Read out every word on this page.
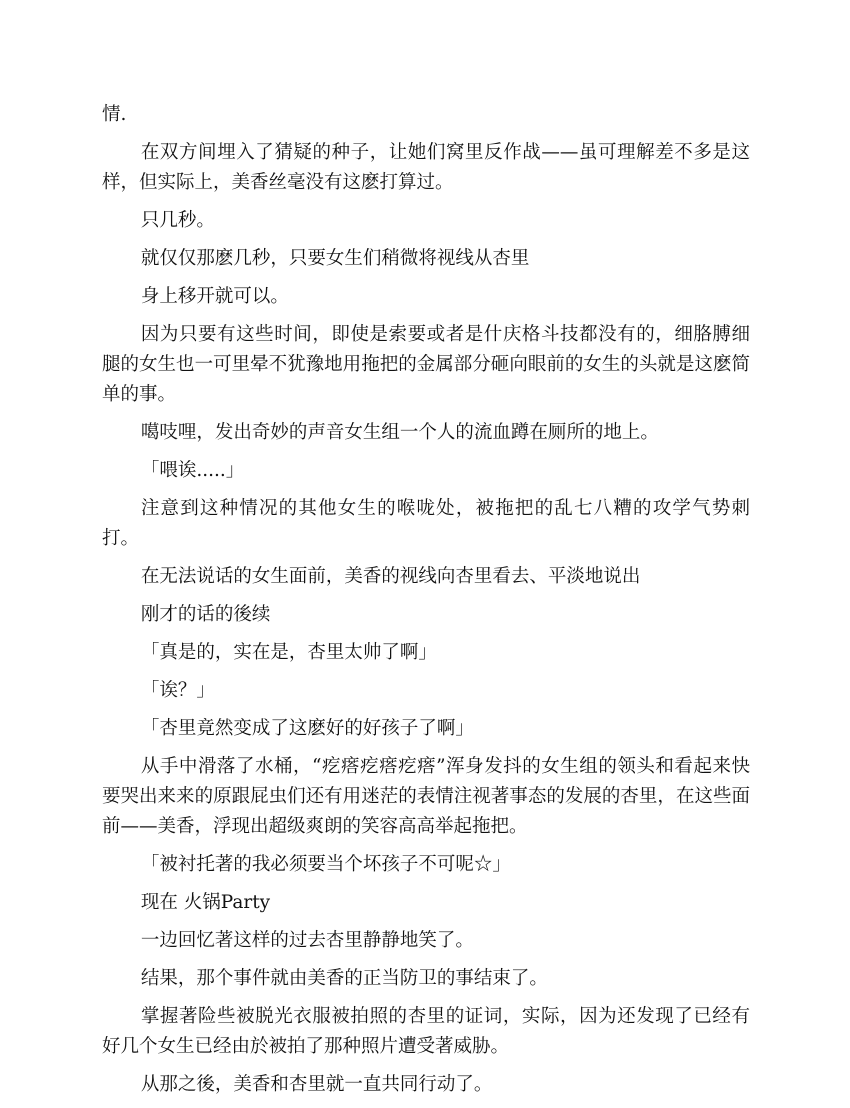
情.

在双方间埋入了猜疑的种子，让她们窝里反作战——虽可理解差不多是这样，但实际上，美香丝毫没有这麽打算过。

只几秒。

就仅仅那麽几秒，只要女生们稍微将视线从杏里

身上移开就可以。

因为只要有这些时间，即使是索要或者是什庆格斗技都没有的，细胳膊细腿的女生也一可里晕不犹豫地用拖把的金属部分砸向眼前的女生的头就是这麽简单的事。

噶吱哩，发出奇妙的声音女生组一个人的流血蹲在厕所的地上。

「喂诶.....」

注意到这种情况的其他女生的喉咙处，被拖把的乱七八糟的攻学气势刺打。

在无法说话的女生面前，美香的视线向杏里看去、平淡地说出

刚才的话的後续

「真是的，实在是，杏里太帅了啊」

「诶？」

「杏里竟然变成了这麽好的好孩子了啊」

从手中滑落了水桶，“疙瘩疙瘩疙瘩”浑身发抖的女生组的领头和看起来快要哭出来来的原跟屁虫们还有用迷茫的表情注视著事态的发展的杏里，在这些面前——美香，浮现出超级爽朗的笑容高高举起拖把。

「被衬托著的我必须要当个坏孩子不可呢☆」

现在 火锅Party

一边回忆著这样的过去杏里静静地笑了。

结果，那个事件就由美香的正当防卫的事结束了。

掌握著险些被脱光衣服被拍照的杏里的证词，实际，因为还发现了已经有好几个女生已经由於被拍了那种照片遭受著威胁。

从那之後，美香和杏里就一直共同行动了。
